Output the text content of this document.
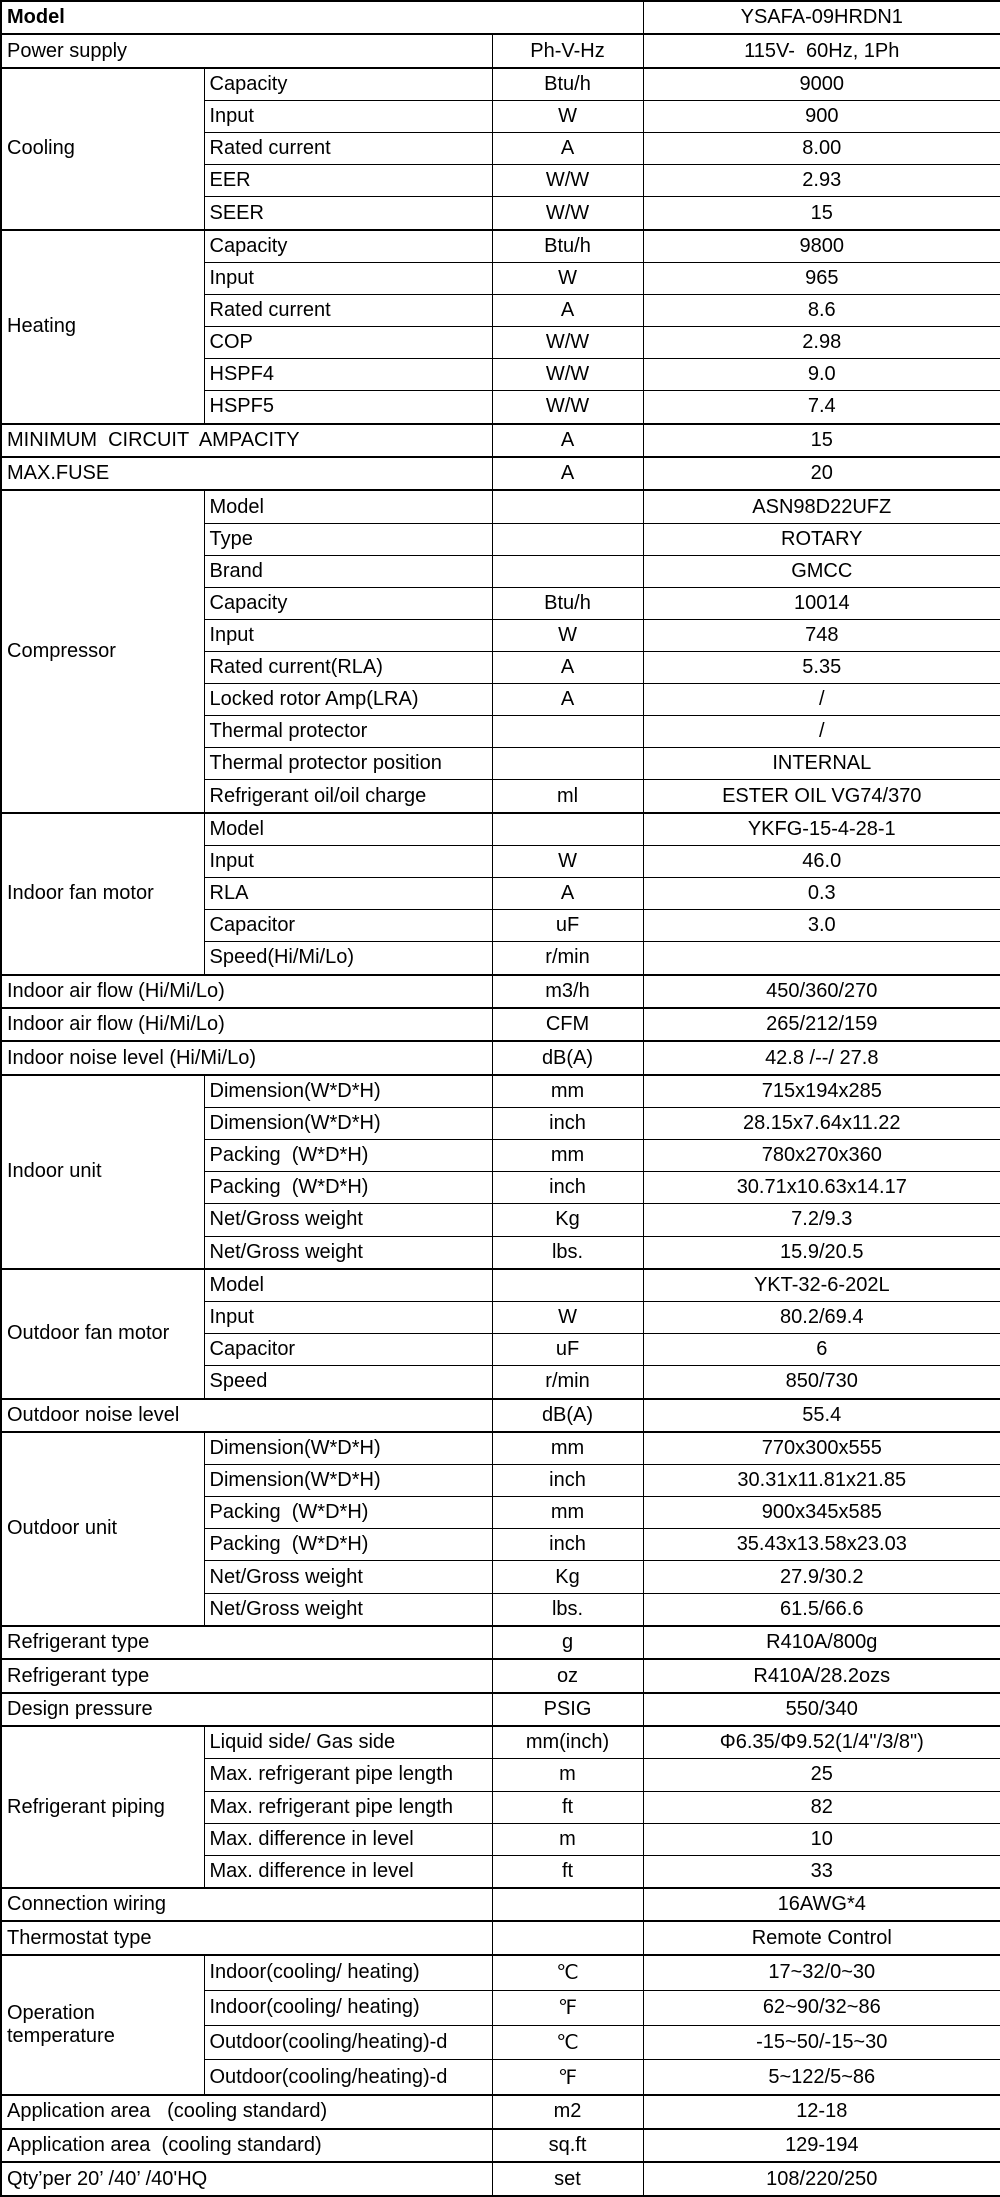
Model			YSAFA-09HRDN1
Power supply		Ph-V-Hz	115V-  60Hz, 1Ph
Cooling	Capacity	Btu/h	9000
	Input	W	900
	Rated current	A	8.00
	EER	W/W	2.93
	SEER	W/W	15
Heating	Capacity	Btu/h	9800
	Input	W	965
	Rated current	A	8.6
	COP	W/W	2.98
	HSPF4	W/W	9.0
	HSPF5	W/W	7.4
MINIMUM  CIRCUIT  AMPACITY		A	15
MAX.FUSE		A	20
Compressor	Model		ASN98D22UFZ
	Type		ROTARY
	Brand		GMCC
	Capacity	Btu/h	10014
	Input	W	748
	Rated current(RLA)	A	5.35
	Locked rotor Amp(LRA)	A	/
	Thermal protector		/
	Thermal protector position		INTERNAL
	Refrigerant oil/oil charge	ml	ESTER OIL VG74/370
Indoor fan motor	Model		YKFG-15-4-28-1
	Input	W	46.0
	RLA	A	0.3
	Capacitor	uF	3.0
	Speed(Hi/Mi/Lo)	r/min	
Indoor air flow (Hi/Mi/Lo)		m3/h	450/360/270
Indoor air flow (Hi/Mi/Lo)		CFM	265/212/159
Indoor noise level (Hi/Mi/Lo)		dB(A)	42.8 /--/ 27.8
Indoor unit	Dimension(W*D*H)	mm	715x194x285
	Dimension(W*D*H)	inch	28.15x7.64x11.22
	Packing  (W*D*H)	mm	780x270x360
	Packing  (W*D*H)	inch	30.71x10.63x14.17
	Net/Gross weight	Kg	7.2/9.3
	Net/Gross weight	lbs.	15.9/20.5
Outdoor fan motor	Model		YKT-32-6-202L
	Input	W	80.2/69.4
	Capacitor	uF	6
	Speed	r/min	850/730
Outdoor noise level		dB(A)	55.4
Outdoor unit	Dimension(W*D*H)	mm	770x300x555
	Dimension(W*D*H)	inch	30.31x11.81x21.85
	Packing  (W*D*H)	mm	900x345x585
	Packing  (W*D*H)	inch	35.43x13.58x23.03
	Net/Gross weight	Kg	27.9/30.2
	Net/Gross weight	lbs.	61.5/66.6
Refrigerant type		g	R410A/800g
Refrigerant type		oz	R410A/28.2ozs
Design pressure		PSIG	550/340
Refrigerant piping	Liquid side/ Gas side	mm(inch)	Φ6.35/Φ9.52(1/4"/3/8")
	Max. refrigerant pipe length	m	25
	Max. refrigerant pipe length	ft	82
	Max. difference in level	m	10
	Max. difference in level	ft	33
Connection wiring			16AWG*4
Thermostat type			Remote Control
Operation temperature	Indoor(cooling/ heating)	℃	17~32/0~30
	Indoor(cooling/ heating)	℉	62~90/32~86
	Outdoor(cooling/heating)-d	℃	-15~50/-15~30
	Outdoor(cooling/heating)-d	℉	5~122/5~86
Application area   (cooling standard)		m2	12-18
Application area  (cooling standard)		sq.ft	129-194
Qty’per 20’ /40’ /40'HQ		set	108/220/250
